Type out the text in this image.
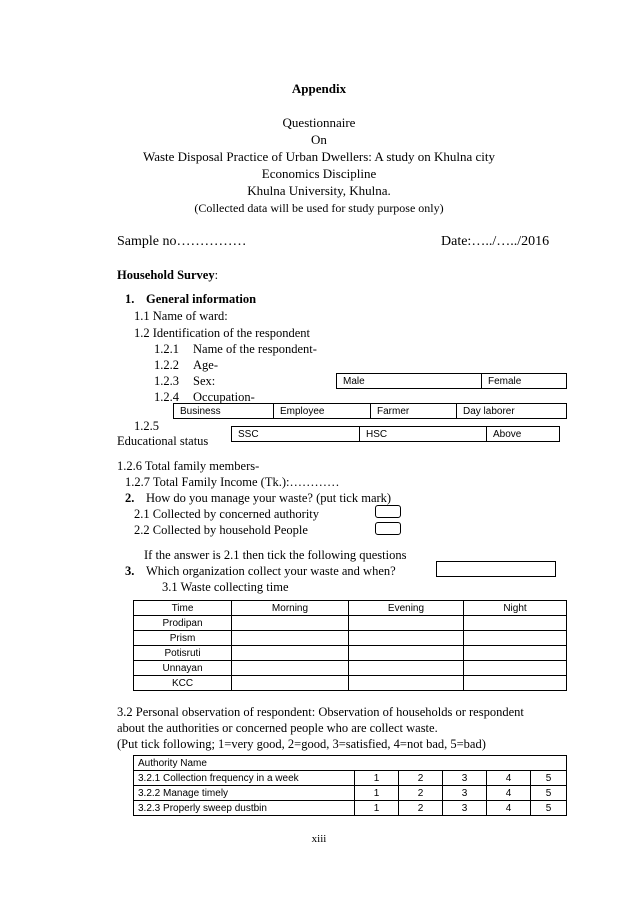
Appendix
Questionnaire
On
Waste Disposal Practice of Urban Dwellers: A study on Khulna city
Economics Discipline
Khulna University, Khulna.
(Collected data will be used for study purpose only)
Sample no……………	Date:…../…../2016
Household Survey:
1. General information
1.1 Name of ward:
1.2 Identification of the respondent
1.2.1 Name of the respondent-
1.2.2 Age-
1.2.3 Sex:
1.2.4 Occupation-
Male	Female
Business	Employee	Farmer	Day laborer
1.2.5
Educational status	SSC	HSC	Above
1.2.6 Total family members-
1.2.7 Total Family Income (Tk.):…………
2. How do you manage your waste? (put tick mark)
2.1 Collected by concerned authority
2.2 Collected by household People
If the answer is 2.1 then tick the following questions
3. Which organization collect your waste and when?
3.1 Waste collecting time
Time	Morning	Evening	Night
Prodipan			
Prism			
Potisruti			
Unnayan			
KCC			
3.2 Personal observation of respondent: Observation of households or respondent
about the authorities or concerned people who are collect waste.
(Put tick following; 1=very good, 2=good, 3=satisfied, 4=not bad, 5=bad)
Authority Name					
3.2.1 Collection frequency in a week	1	2	3	4	5
3.2.2 Manage timely	1	2	3	4	5
3.2.3 Properly sweep dustbin	1	2	3	4	5
xiii
